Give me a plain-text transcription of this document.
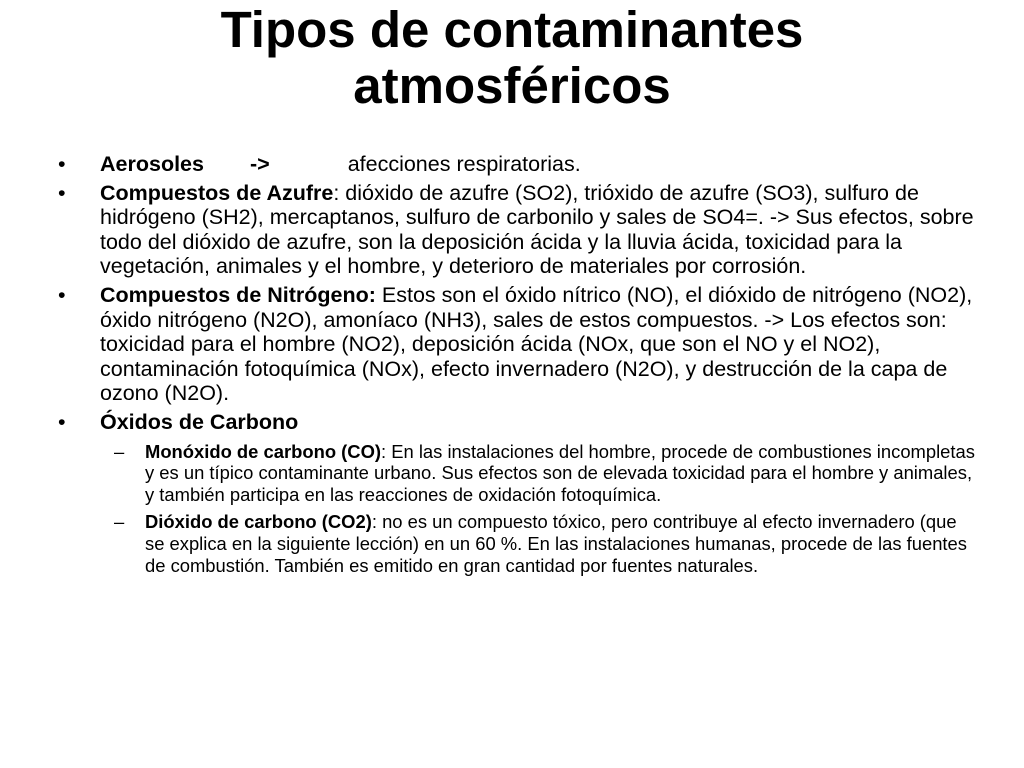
Tipos de contaminantes
atmosféricos
• Aerosoles ->	afecciones respiratorias.
• Compuestos de Azufre: dióxido de azufre (SO2), trióxido de azufre (SO3), sulfuro de hidrógeno (SH2), mercaptanos, sulfuro de carbonilo y sales de SO4=. -> Sus efectos, sobre todo del dióxido de azufre, son la deposición ácida y la lluvia ácida, toxicidad para la vegetación, animales y el hombre, y deterioro de materiales por corrosión.
• Compuestos de Nitrógeno: Estos son el óxido nítrico (NO), el dióxido de nitrógeno (NO2), óxido nitrógeno (N2O), amoníaco (NH3), sales de estos compuestos. -> Los efectos son: toxicidad para el hombre (NO2), deposición ácida (NOx, que son el NO y el NO2), contaminación fotoquímica (NOx), efecto invernadero (N2O), y destrucción de la capa de ozono (N2O).
• Óxidos de Carbono
– Monóxido de carbono (CO): En las instalaciones del hombre, procede de combustiones incompletas y es un típico contaminante urbano. Sus efectos son de elevada toxicidad para el hombre y animales, y también participa en las reacciones de oxidación fotoquímica.
– Dióxido de carbono (CO2): no es un compuesto tóxico, pero contribuye al efecto invernadero (que se explica en la siguiente lección) en un 60 %. En las instalaciones humanas, procede de las fuentes de combustión. También es emitido en gran cantidad por fuentes naturales.
